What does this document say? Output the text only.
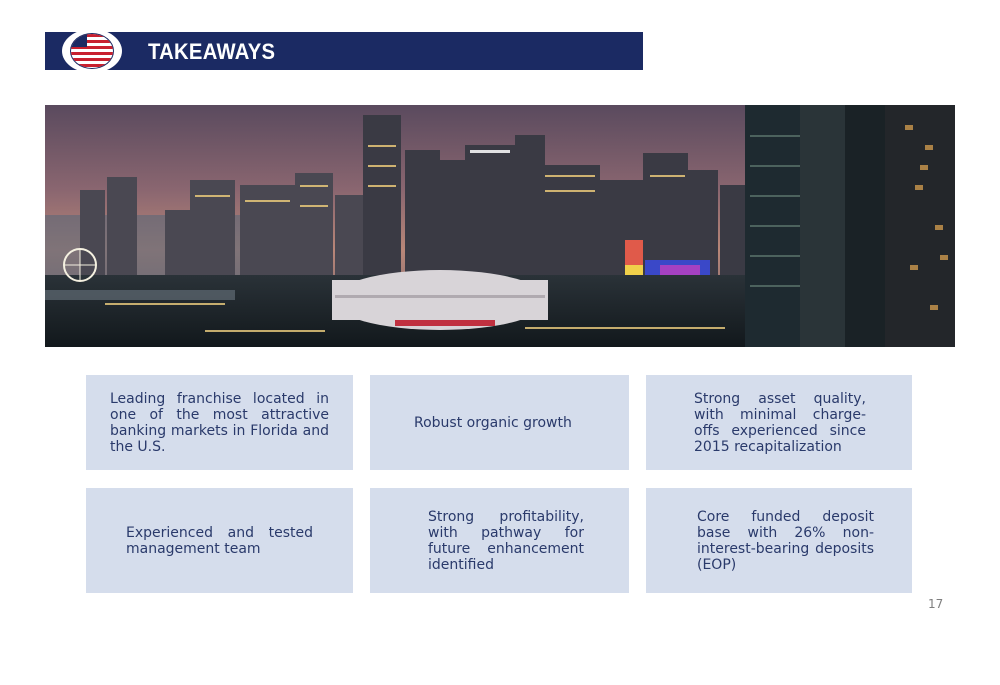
TAKEAWAYS
Leading franchise located in one of the most attractive banking markets in Florida and the U.S.
Robust organic growth
Strong asset quality, with minimal charge-offs experienced since 2015 recapitalization
Experienced and tested management team
Strong profitability, with pathway for future enhancement identified
Core funded deposit base with 26% non-interest-bearing deposits (EOP)
17
